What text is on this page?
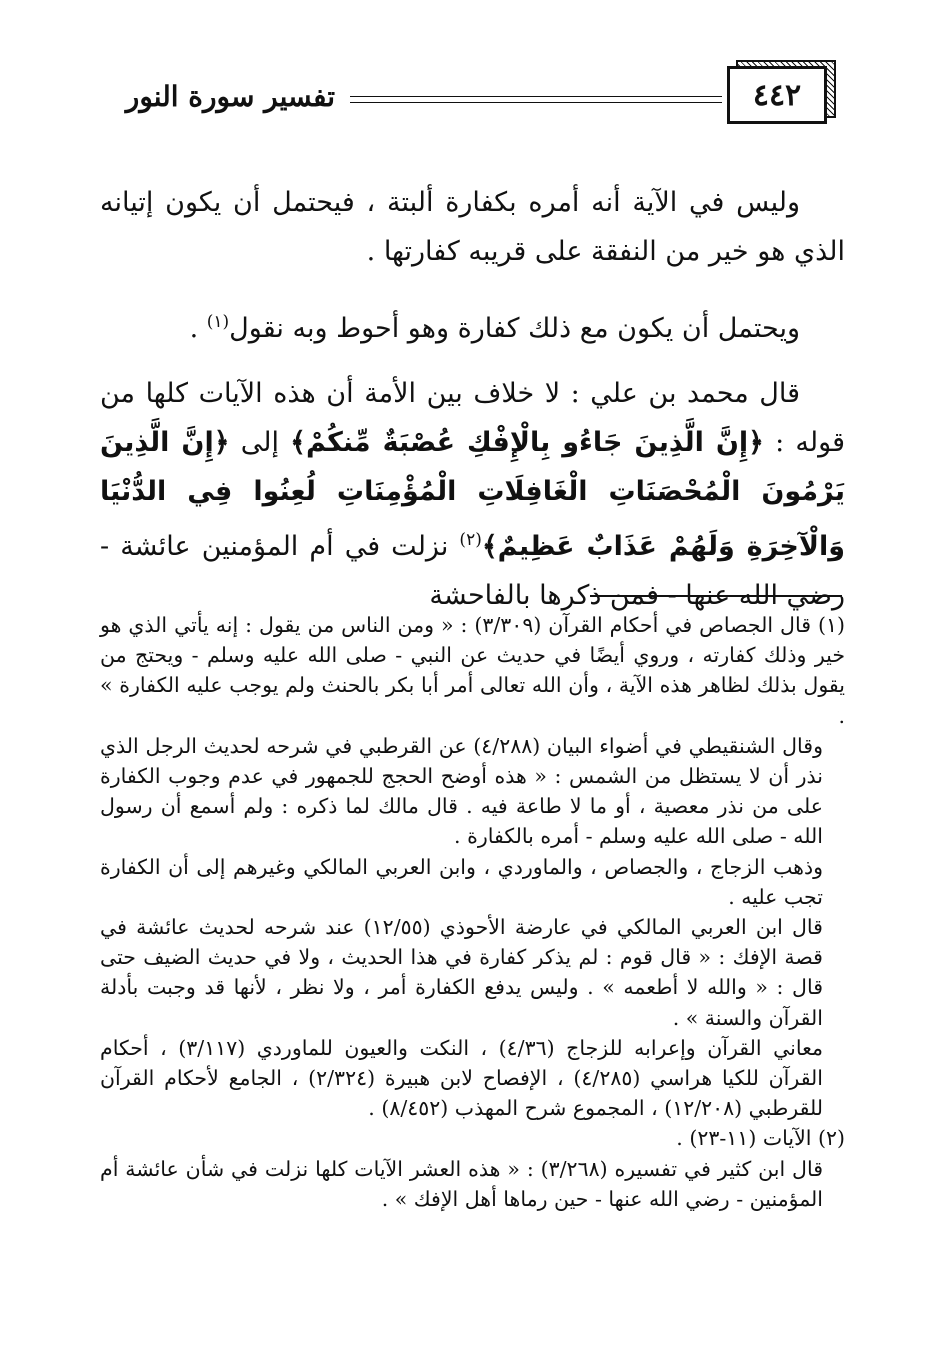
٤٤٢
تفسير سورة النور

وليس في الآية أنه أمره بكفارة ألبتة ، فيحتمل أن يكون إتيانه الذي هو خير من النفقة على قريبه كفارتها .

ويحتمل أن يكون مع ذلك كفارة وهو أحوط وبه نقول$^{(١)}$ .

قال محمد بن علي : لا خلاف بين الأمة أن هذه الآيات كلها من قوله : ﴿إِنَّ الَّذِينَ جَاءُو بِالْإِفْكِ عُصْبَةٌ مِّنكُمْ﴾ إلى ﴿إِنَّ الَّذِينَ يَرْمُونَ الْمُحْصَنَاتِ الْغَافِلَاتِ الْمُؤْمِنَاتِ لُعِنُوا فِي الدُّنْيَا وَالْآخِرَةِ وَلَهُمْ عَذَابٌ عَظِيمٌ﴾$^{(٢)}$ نزلت في أم المؤمنين عائشة - رضي الله عنها - فمن ذكرها بالفاحشة

(١) قال الجصاص في أحكام القرآن (٣/٣٠٩) : « ومن الناس من يقول : إنه يأتي الذي هو خير وذلك كفارته ، وروي أيضًا في حديث عن النبي - صلى الله عليه وسلم - ويحتج من يقول بذلك لظاهر هذه الآية ، وأن الله تعالى أمر أبا بكر بالحنث ولم يوجب عليه الكفارة » .

وقال الشنقيطي في أضواء البيان (٤/٢٨٨) عن القرطبي في شرحه لحديث الرجل الذي نذر أن لا يستظل من الشمس : « هذه أوضح الحجج للجمهور في عدم وجوب الكفارة على من نذر معصية ، أو ما لا طاعة فيه . قال مالك لما ذكره : ولم أسمع أن رسول الله - صلى الله عليه وسلم - أمره بالكفارة .

وذهب الزجاج ، والجصاص ، والماوردي ، وابن العربي المالكي وغيرهم إلى أن الكفارة تجب عليه .

قال ابن العربي المالكي في عارضة الأحوذي (١٢/٥٥) عند شرحه لحديث عائشة في قصة الإفك : « قال قوم : لم يذكر كفارة في هذا الحديث ، ولا في حديث الضيف حتى قال : « والله لا أطعمه » . وليس يدفع الكفارة أمر ، ولا نظر ، لأنها قد وجبت بأدلة القرآن والسنة » .

معاني القرآن وإعرابه للزجاج (٤/٣٦) ، النكت والعيون للماوردي (٣/١١٧) ، أحكام القرآن للكيا هراسي (٤/٢٨٥) ، الإفصاح لابن هبيرة (٢/٣٢٤) ، الجامع لأحكام القرآن للقرطبي (١٢/٢٠٨) ، المجموع شرح المهذب (٨/٤٥٢) .

(٢) الآيات (١١-٢٣) .

قال ابن كثير في تفسيره (٣/٢٦٨) : « هذه العشر الآيات كلها نزلت في شأن عائشة أم المؤمنين - رضي الله عنها - حين رماها أهل الإفك » .
